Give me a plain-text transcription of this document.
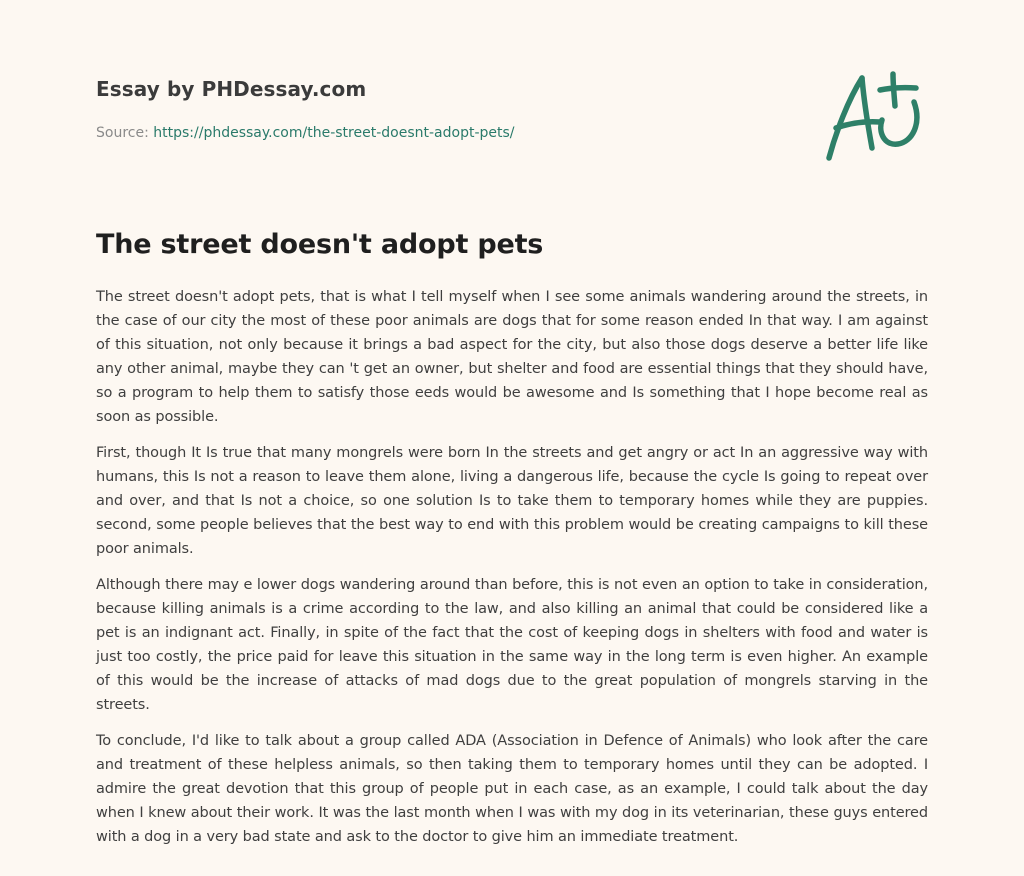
Essay by PHDessay.com
Source: https://phdessay.com/the-street-doesnt-adopt-pets/
The street doesn't adopt pets

The street doesn't adopt pets, that is what I tell myself when I see some animals wandering around the streets, in the case of our city the most of these poor animals are dogs that for some reason ended In that way. I am against of this situation, not only because it brings a bad aspect for the city, but also those dogs deserve a better life like any other animal, maybe they can 't get an owner, but shelter and food are essential things that they should have, so a program to help them to satisfy those eeds would be awesome and Is something that I hope become real as soon as possible.

First, though It Is true that many mongrels were born In the streets and get angry or act In an aggressive way with humans, this Is not a reason to leave them alone, living a dangerous life, because the cycle Is going to repeat over and over, and that Is not a choice, so one solution Is to take them to temporary homes while they are puppies. second, some people believes that the best way to end with this problem would be creating campaigns to kill these poor animals.

Although there may e lower dogs wandering around than before, this is not even an option to take in consideration, because killing animals is a crime according to the law, and also killing an animal that could be considered like a pet is an indignant act. Finally, in spite of the fact that the cost of keeping dogs in shelters with food and water is just too costly, the price paid for leave this situation in the same way in the long term is even higher. An example of this would be the increase of attacks of mad dogs due to the great population of mongrels starving in the streets.

To conclude, I'd like to talk about a group called ADA (Association in Defence of Animals) who look after the care and treatment of these helpless animals, so then taking them to temporary homes until they can be adopted. I admire the great devotion that this group of people put in each case, as an example, I could talk about the day when I knew about their work. It was the last month when I was with my dog in its veterinarian, these guys entered with a dog in a very bad state and ask to the doctor to give him an immediate treatment.
